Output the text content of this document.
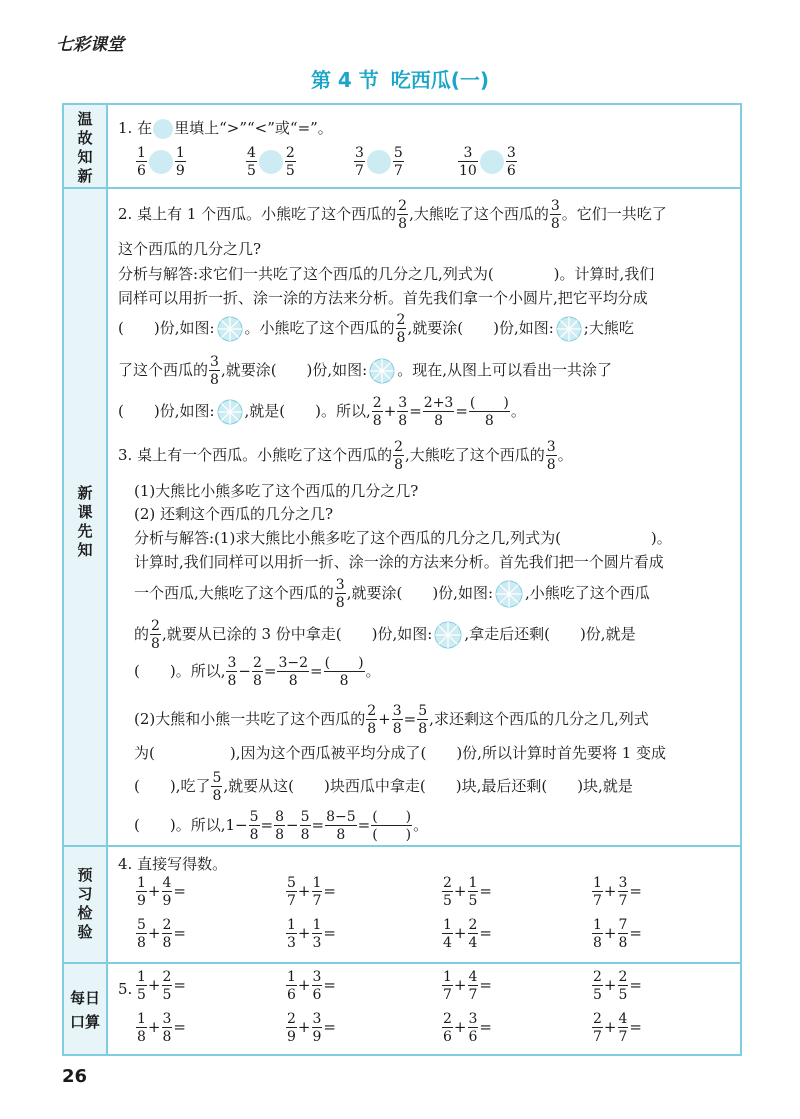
七彩课堂
第 4 节 吃西瓜(一)
温故知新
新课先知
预习检验
每日口算
1. 在 里填上“>”“<”或“=”。
$\frac{1}{6} \frac{1}{9}$	$\frac{4}{5} \frac{2}{5}$	$\frac{3}{7} \frac{5}{7}$	$\frac{3}{10} \frac{3}{6}$
2. 桌上有 1 个西瓜。小熊吃了这个西瓜的 $\frac{2}{8}$ ,大熊吃了这个西瓜的 $\frac{3}{8}$ 。它们一共吃了
这个西瓜的几分之几?
分析与解答:求它们一共吃了这个西瓜的几分之几,列式为(　　　　)。计算时,我们
同样可以用折一折、涂一涂的方法来分析。首先我们拿一个小圆片,把它平均分成
(　　)份,如图: 。小熊吃了这个西瓜的 $\frac{2}{8}$ ,就要涂(　　)份,如图: ;大熊吃
了这个西瓜的 $\frac{3}{8}$ ,就要涂(　　)份,如图: 。现在,从图上可以看出一共涂了
(　　)份,如图: ,就是(　　)。所以, $\frac{2}{8} + \frac{3}{8} = \frac{2+3}{8} = \frac{( )}{8}$ 。
3. 桌上有一个西瓜。小熊吃了这个西瓜的 $\frac{2}{8}$ ,大熊吃了这个西瓜的 $\frac{3}{8}$ 。
(1)大熊比小熊多吃了这个西瓜的几分之几?
(2) 还剩这个西瓜的几分之几?
分析与解答:(1)求大熊比小熊多吃了这个西瓜的几分之几,列式为(　　　　　　)。
计算时,我们同样可以用折一折、涂一涂的方法来分析。首先我们把一个圆片看成
一个西瓜,大熊吃了这个西瓜的 $\frac{3}{8}$ ,就要涂(　　)份,如图: ,小熊吃了这个西瓜
的 $\frac{2}{8}$ ,就要从已涂的 3 份中拿走(　　)份,如图: ,拿走后还剩(　　)份,就是
(　　)。所以, $\frac{3}{8} - \frac{2}{8} = \frac{3-2}{8} = \frac{( )}{8}$ 。
(2)大熊和小熊一共吃了这个西瓜的 $\frac{2}{8} + \frac{3}{8} = \frac{5}{8}$ ,求还剩这个西瓜的几分之几,列式
为(　　　　　),因为这个西瓜被平均分成了(　　)份,所以计算时首先要将 1 变成
(　　),吃了 $\frac{5}{8}$ ,就要从这(　　)块西瓜中拿走(　　)块,最后还剩(　　)块,就是
(　　)。所以$,1- \frac{5}{8} = \frac{8}{8} - \frac{5}{8} = \frac{8-5}{8} = \frac{( )}{( )}$ 。
4. 直接写得数。
$\frac{1}{9} + \frac{4}{9}$ =	$\frac{5}{7} + \frac{1}{7}$ =	$\frac{2}{5} + \frac{1}{5}$ =	$\frac{1}{7} + \frac{3}{7}$ =
$\frac{5}{8} + \frac{2}{8}$ =	$\frac{1}{3} + \frac{1}{3}$ =	$\frac{1}{4} + \frac{2}{4}$ =	$\frac{1}{8} + \frac{7}{8}$ =
5. $\frac{1}{5} + \frac{2}{5}$ =	$\frac{1}{6} + \frac{3}{6}$ =	$\frac{1}{7} + \frac{4}{7}$ =	$\frac{2}{5} + \frac{2}{5}$ =
$\frac{1}{8} + \frac{3}{8}$ =	$\frac{2}{9} + \frac{3}{9}$ =	$\frac{2}{6} + \frac{3}{6}$ =	$\frac{2}{7} + \frac{4}{7}$ =
26
